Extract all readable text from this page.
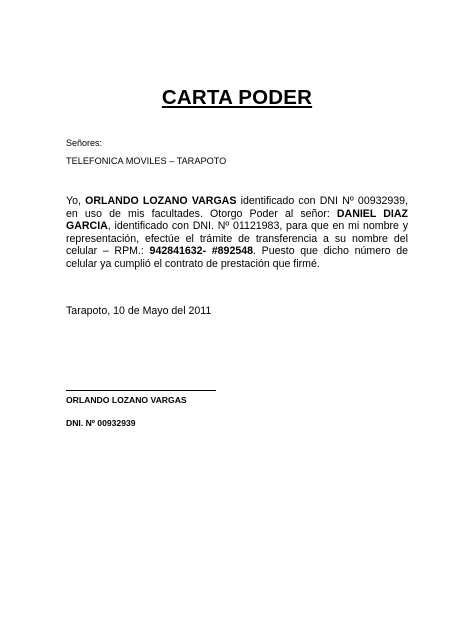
CARTA PODER
Señores:
TELEFONICA MOVILES – TARAPOTO

Yo, ORLANDO LOZANO VARGAS identificado con DNI Nº 00932939, en uso de mis facultades. Otorgo Poder al señor: DANIEL DIAZ GARCIA, identificado con DNI. Nº 01121983, para que en mi nombre y representación, efectúe el trámite de transferencia a su nombre del celular – RPM.: 942841632- #892548. Puesto que dicho número de celular ya cumplió el contrato de prestación que firmé.

Tarapoto, 10 de Mayo del 2011
ORLANDO LOZANO VARGAS
DNI. Nº 00932939
